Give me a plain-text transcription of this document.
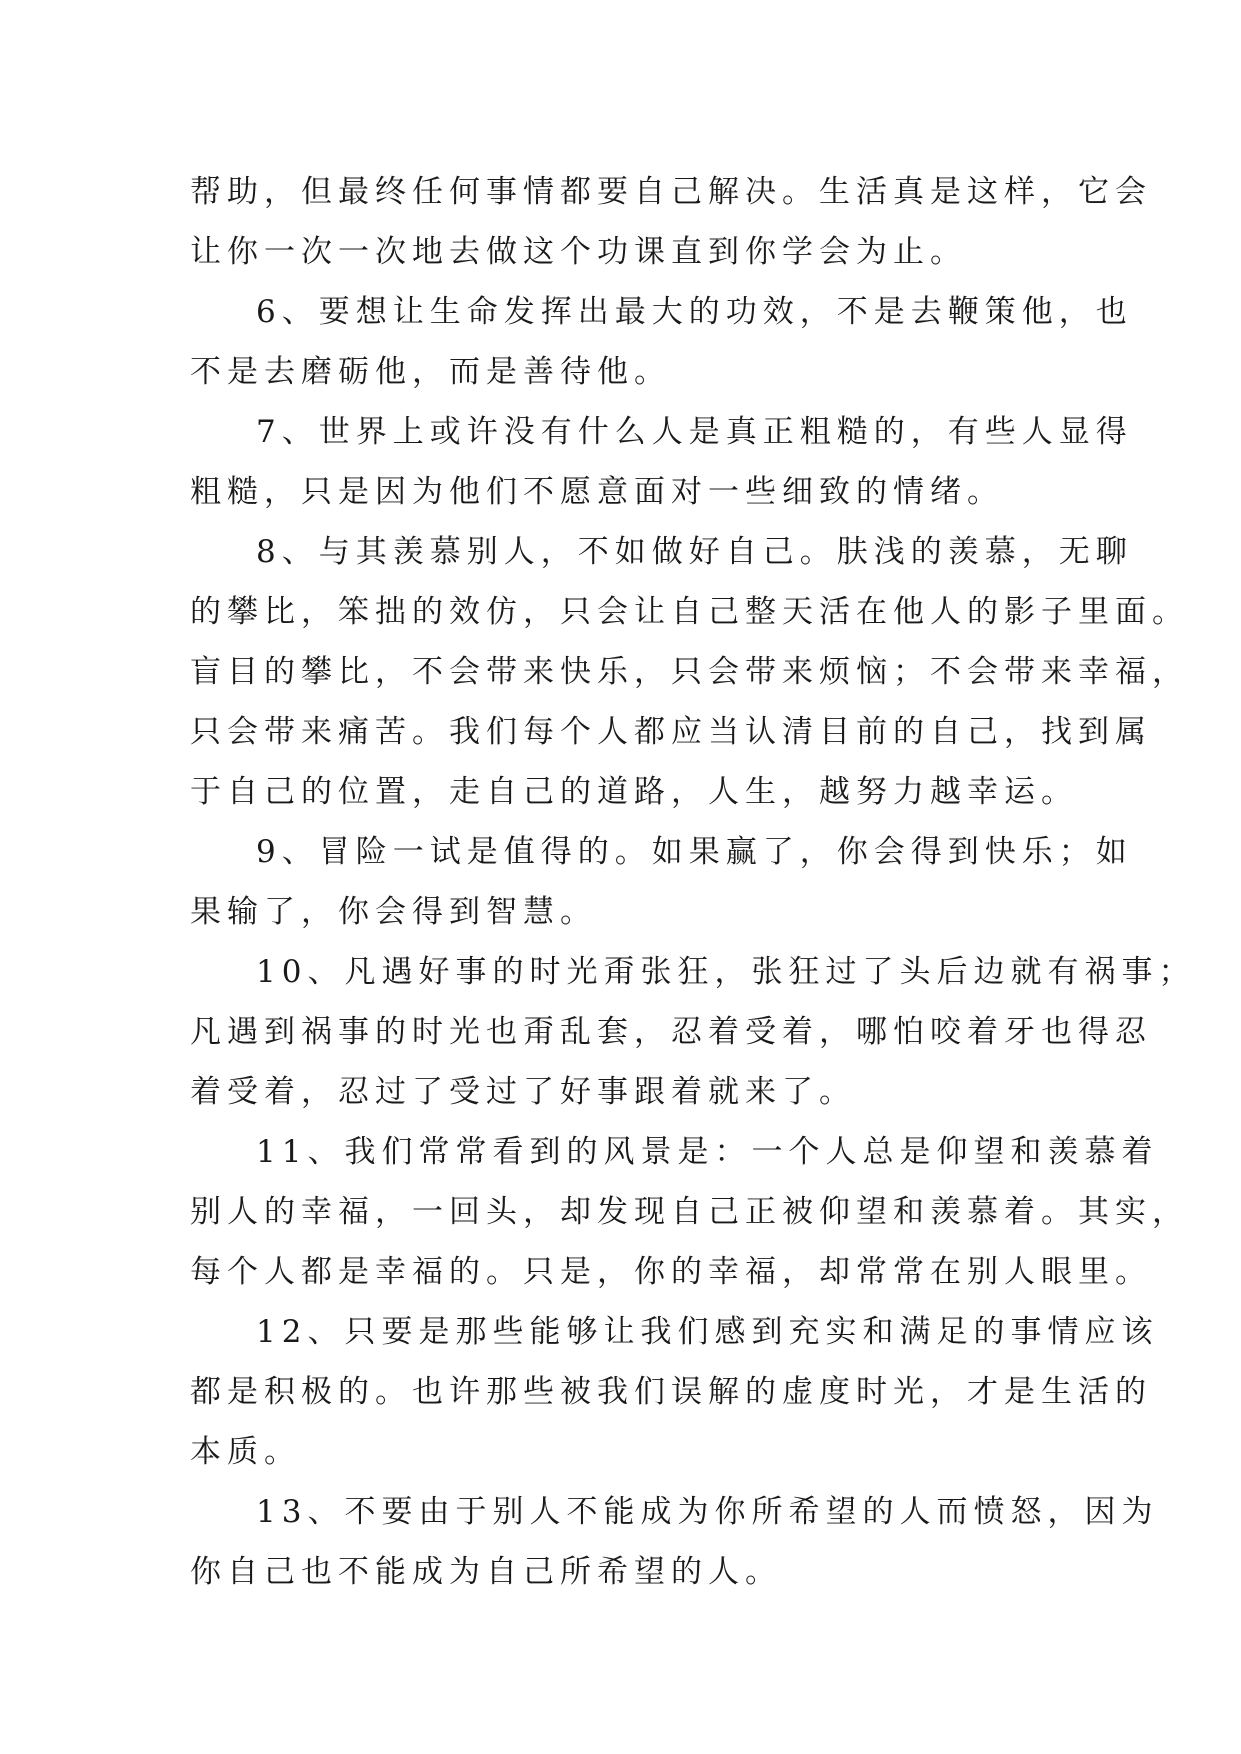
帮助，但最终任何事情都要自己解决。生活真是这样，它会
让你一次一次地去做这个功课直到你学会为止。
6、要想让生命发挥出最大的功效，不是去鞭策他，也
不是去磨砺他，而是善待他。
7、世界上或许没有什么人是真正粗糙的，有些人显得
粗糙，只是因为他们不愿意面对一些细致的情绪。
8、与其羡慕别人，不如做好自己。肤浅的羡慕，无聊
的攀比，笨拙的效仿，只会让自己整天活在他人的影子里面。
盲目的攀比，不会带来快乐，只会带来烦恼；不会带来幸福，
只会带来痛苦。我们每个人都应当认清目前的自己，找到属
于自己的位置，走自己的道路，人生，越努力越幸运。
9、冒险一试是值得的。如果赢了，你会得到快乐；如
果输了，你会得到智慧。
10、凡遇好事的时光甭张狂，张狂过了头后边就有祸事；
凡遇到祸事的时光也甭乱套，忍着受着，哪怕咬着牙也得忍
着受着，忍过了受过了好事跟着就来了。
11、我们常常看到的风景是：一个人总是仰望和羡慕着
别人的幸福，一回头，却发现自己正被仰望和羡慕着。其实，
每个人都是幸福的。只是，你的幸福，却常常在别人眼里。
12、只要是那些能够让我们感到充实和满足的事情应该
都是积极的。也许那些被我们误解的虚度时光，才是生活的
本质。
13、不要由于别人不能成为你所希望的人而愤怒，因为
你自己也不能成为自己所希望的人。
